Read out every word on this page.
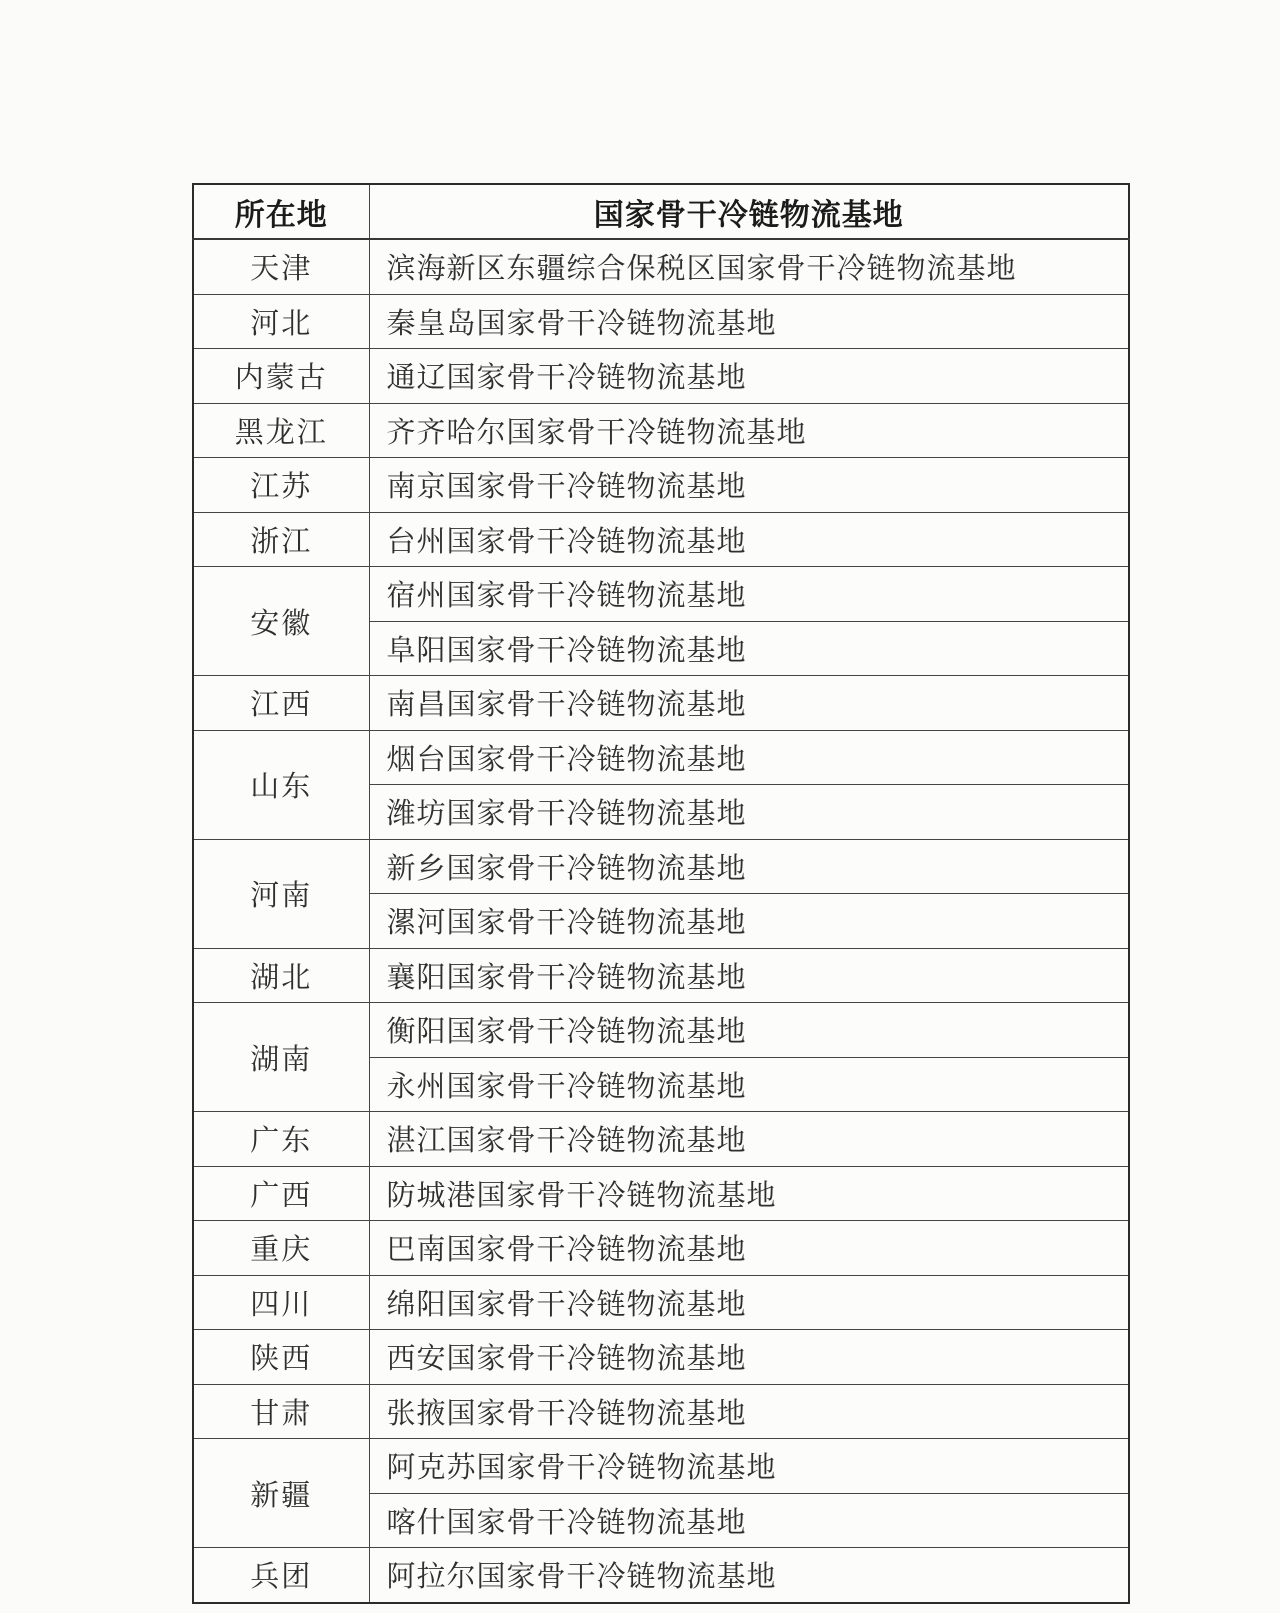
所在地	国家骨干冷链物流基地
天津	滨海新区东疆综合保税区国家骨干冷链物流基地
河北	秦皇岛国家骨干冷链物流基地
内蒙古	通辽国家骨干冷链物流基地
黑龙江	齐齐哈尔国家骨干冷链物流基地
江苏	南京国家骨干冷链物流基地
浙江	台州国家骨干冷链物流基地
安徽	宿州国家骨干冷链物流基地
	阜阳国家骨干冷链物流基地
江西	南昌国家骨干冷链物流基地
山东	烟台国家骨干冷链物流基地
	潍坊国家骨干冷链物流基地
河南	新乡国家骨干冷链物流基地
	漯河国家骨干冷链物流基地
湖北	襄阳国家骨干冷链物流基地
湖南	衡阳国家骨干冷链物流基地
	永州国家骨干冷链物流基地
广东	湛江国家骨干冷链物流基地
广西	防城港国家骨干冷链物流基地
重庆	巴南国家骨干冷链物流基地
四川	绵阳国家骨干冷链物流基地
陕西	西安国家骨干冷链物流基地
甘肃	张掖国家骨干冷链物流基地
新疆	阿克苏国家骨干冷链物流基地
	喀什国家骨干冷链物流基地
兵团	阿拉尔国家骨干冷链物流基地
